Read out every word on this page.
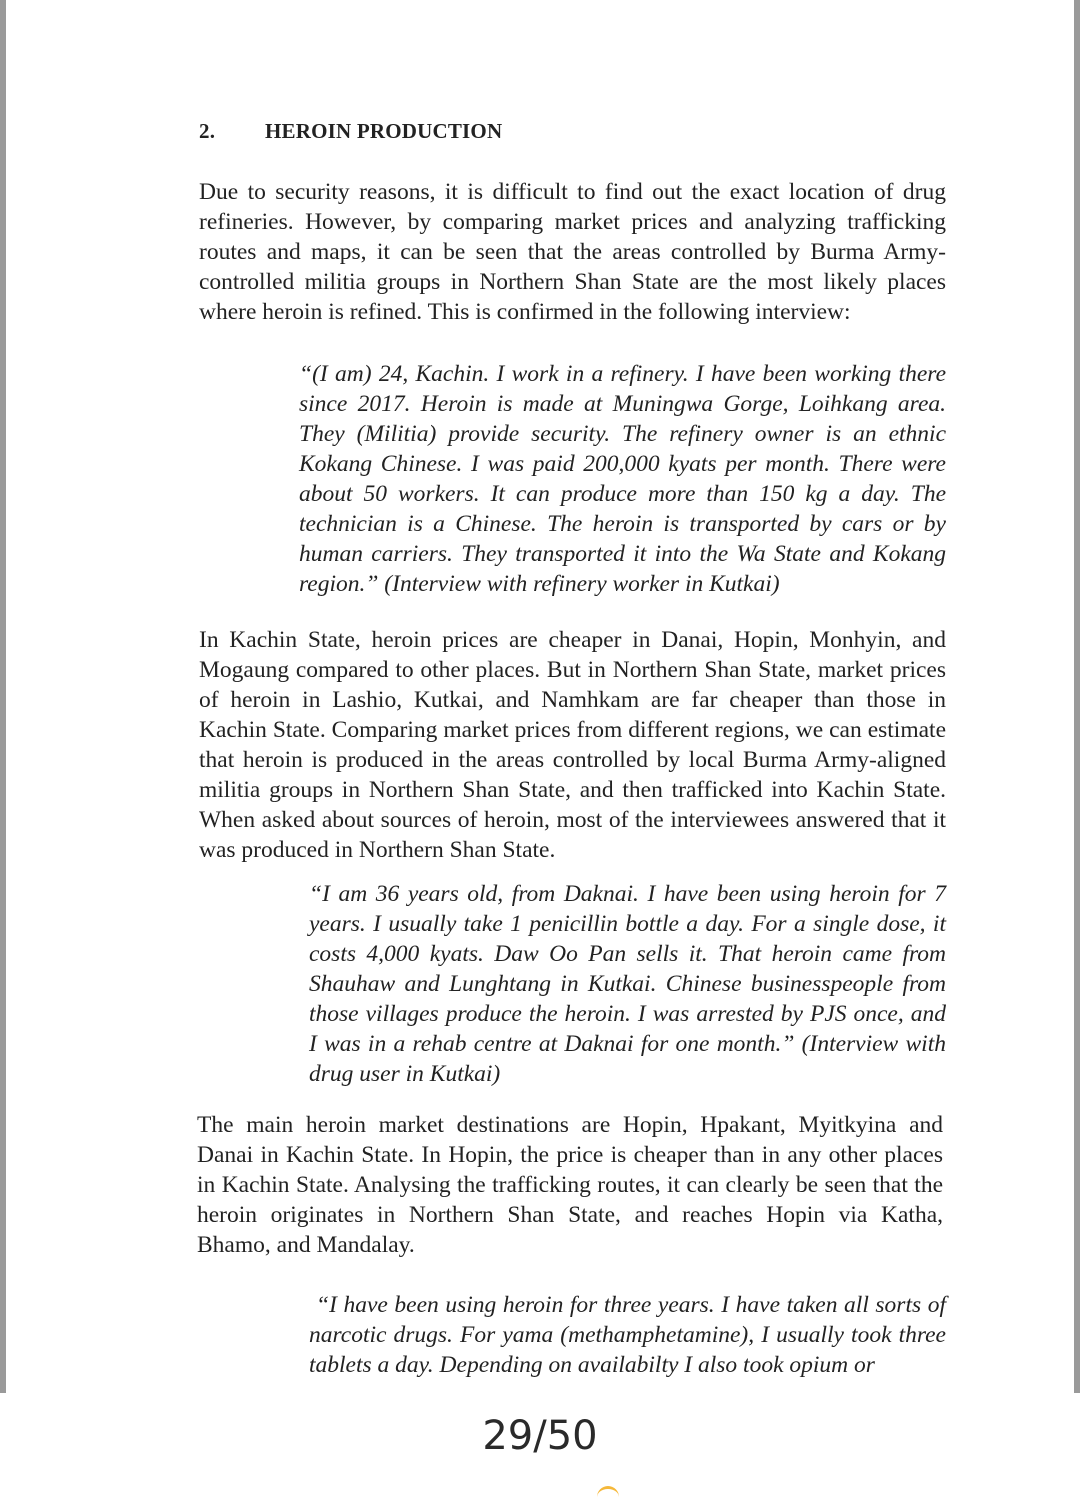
2. HEROIN PRODUCTION

Due to security reasons, it is difficult to find out the exact location of drug refineries. However, by comparing market prices and analyzing trafficking routes and maps, it can be seen that the areas controlled by Burma Army-controlled militia groups in Northern Shan State are the most likely places where heroin is refined. This is confirmed in the following interview:

“(I am) 24, Kachin. I work in a refinery. I have been working there since 2017. Heroin is made at Muningwa Gorge, Loihkang area. They (Militia) provide security. The refinery owner is an ethnic Kokang Chinese. I was paid 200,000 kyats per month. There were about 50 workers. It can produce more than 150 kg a day. The technician is a Chinese. The heroin is transported by cars or by human carriers. They transported it into the Wa State and Kokang region.” (Interview with refinery worker in Kutkai)

In Kachin State, heroin prices are cheaper in Danai, Hopin, Monhyin, and Mogaung compared to other places. But in Northern Shan State, market prices of heroin in Lashio, Kutkai, and Namhkam are far cheaper than those in Kachin State. Comparing market prices from different regions, we can estimate that heroin is produced in the areas controlled by local Burma Army-aligned militia groups in Northern Shan State, and then trafficked into Kachin State. When asked about sources of heroin, most of the interviewees answered that it was produced in Northern Shan State.

“I am 36 years old, from Daknai. I have been using heroin for 7 years. I usually take 1 penicillin bottle a day. For a single dose, it costs 4,000 kyats. Daw Oo Pan sells it. That heroin came from Shauhaw and Lunghtang in Kutkai. Chinese businesspeople from those villages produce the heroin. I was arrested by PJS once, and I was in a rehab centre at Daknai for one month.” (Interview with drug user in Kutkai)

The main heroin market destinations are Hopin, Hpakant, Myitkyina and Danai in Kachin State. In Hopin, the price is cheaper than in any other places in Kachin State. Analysing the trafficking routes, it can clearly be seen that the heroin originates in Northern Shan State, and reaches Hopin via Katha, Bhamo, and Mandalay.

“I have been using heroin for three years. I have taken all sorts of narcotic drugs. For yama (methamphetamine), I usually took three tablets a day. Depending on availabilty I also took opium or

29/50
